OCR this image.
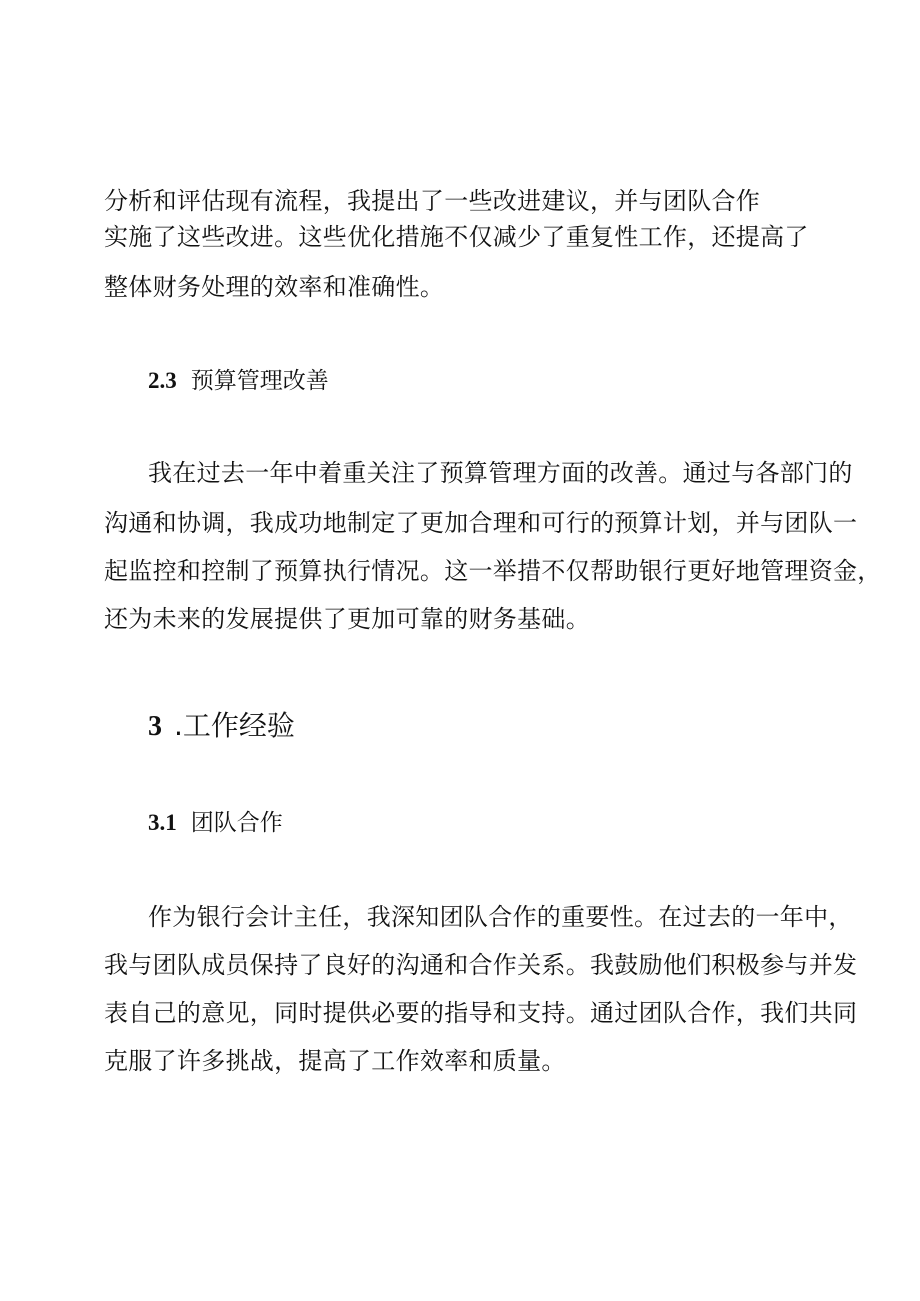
分析和评估现有流程，我提出了一些改进建议，并与团队合作
实施了这些改进。这些优化措施不仅减少了重复性工作，还提高了
整体财务处理的效率和准确性。
2.3 预算管理改善
我在过去一年中着重关注了预算管理方面的改善。通过与各部门的
沟通和协调，我成功地制定了更加合理和可行的预算计划，并与团队一
起监控和控制了预算执行情况。这一举措不仅帮助银行更好地管理资金，
还为未来的发展提供了更加可靠的财务基础。
3 .工作经验
3.1 团队合作
作为银行会计主任，我深知团队合作的重要性。在过去的一年中，
我与团队成员保持了良好的沟通和合作关系。我鼓励他们积极参与并发
表自己的意见，同时提供必要的指导和支持。通过团队合作，我们共同
克服了许多挑战，提高了工作效率和质量。
